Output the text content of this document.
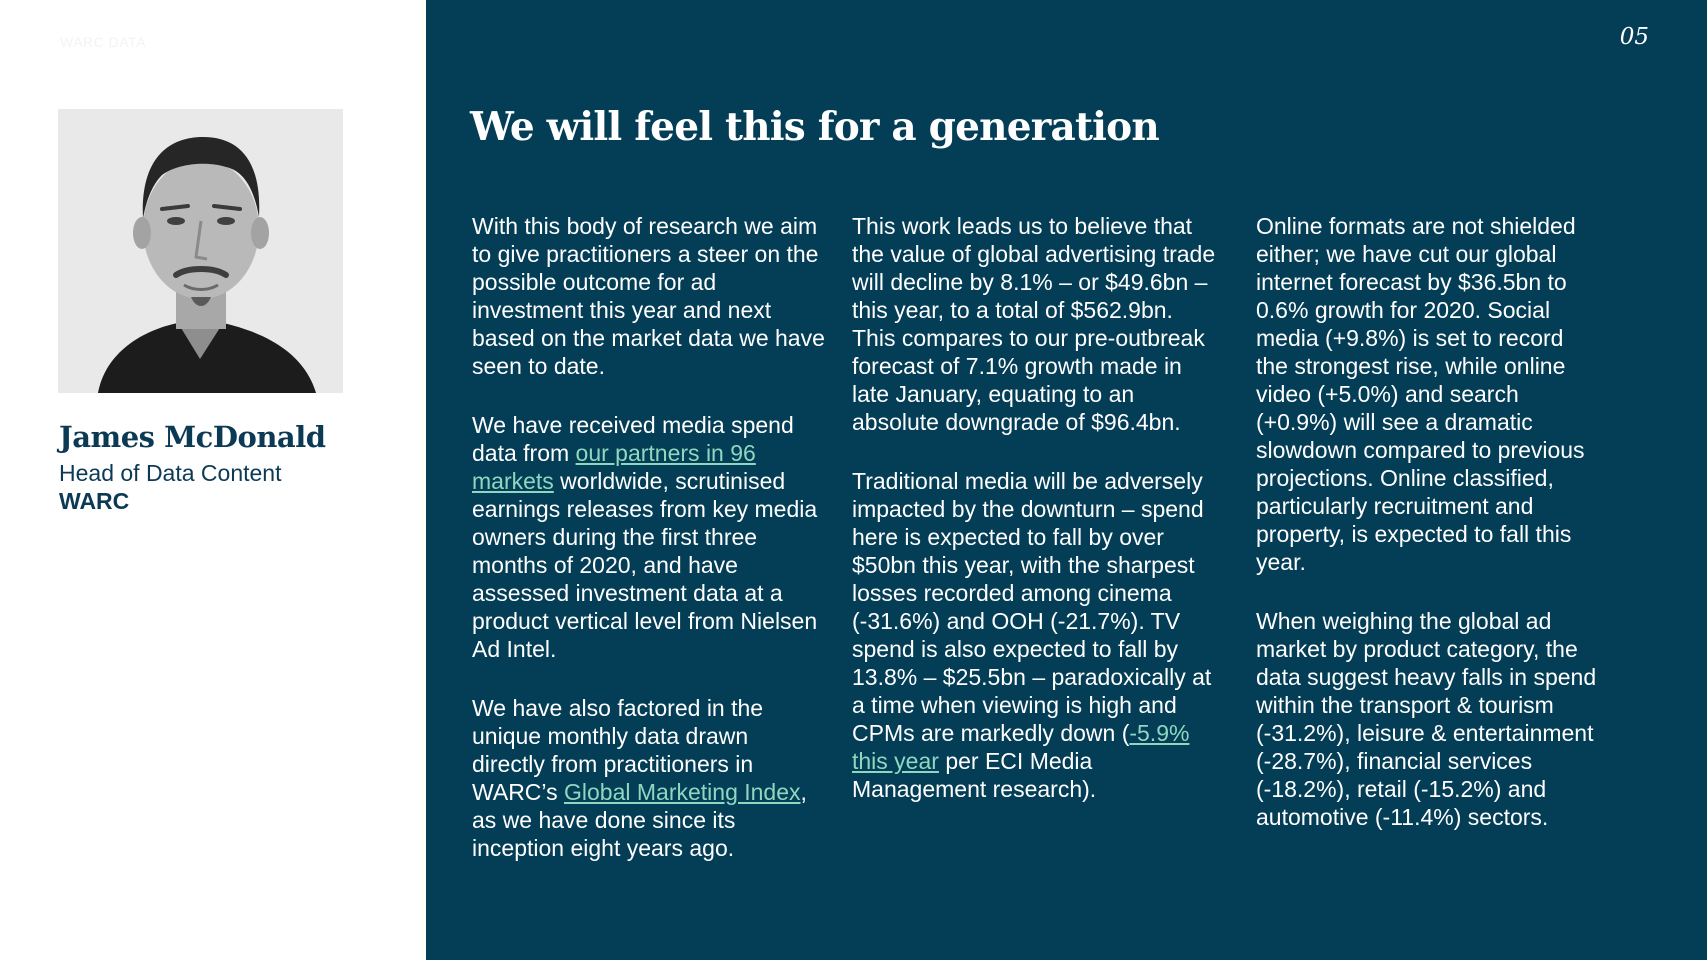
WARC DATA
James McDonald
Head of Data Content
WARC
05
We will feel this for a generation

With this body of research we aim to give practitioners a steer on the possible outcome for ad investment this year and next based on the market data we have seen to date.

We have received media spend data from our partners in 96 markets worldwide, scrutinised earnings releases from key media owners during the first three months of 2020, and have assessed investment data at a product vertical level from Nielsen Ad Intel.

We have also factored in the unique monthly data drawn directly from practitioners in WARC’s Global Marketing Index, as we have done since its inception eight years ago.

This work leads us to believe that the value of global advertising trade will decline by 8.1% – or $49.6bn – this year, to a total of $562.9bn. This compares to our pre-outbreak forecast of 7.1% growth made in late January, equating to an absolute downgrade of $96.4bn.

Traditional media will be adversely impacted by the downturn – spend here is expected to fall by over $50bn this year, with the sharpest losses recorded among cinema (-31.6%) and OOH (-21.7%). TV spend is also expected to fall by 13.8% – $25.5bn – paradoxically at a time when viewing is high and CPMs are markedly down (-5.9% this year per ECI Media Management research).

Online formats are not shielded either; we have cut our global internet forecast by $36.5bn to 0.6% growth for 2020. Social media (+9.8%) is set to record the strongest rise, while online video (+5.0%) and search (+0.9%) will see a dramatic slowdown compared to previous projections. Online classified, particularly recruitment and property, is expected to fall this year.

When weighing the global ad market by product category, the data suggest heavy falls in spend within the transport & tourism (-31.2%), leisure & entertainment (-28.7%), financial services (-18.2%), retail (-15.2%) and automotive (-11.4%) sectors.
